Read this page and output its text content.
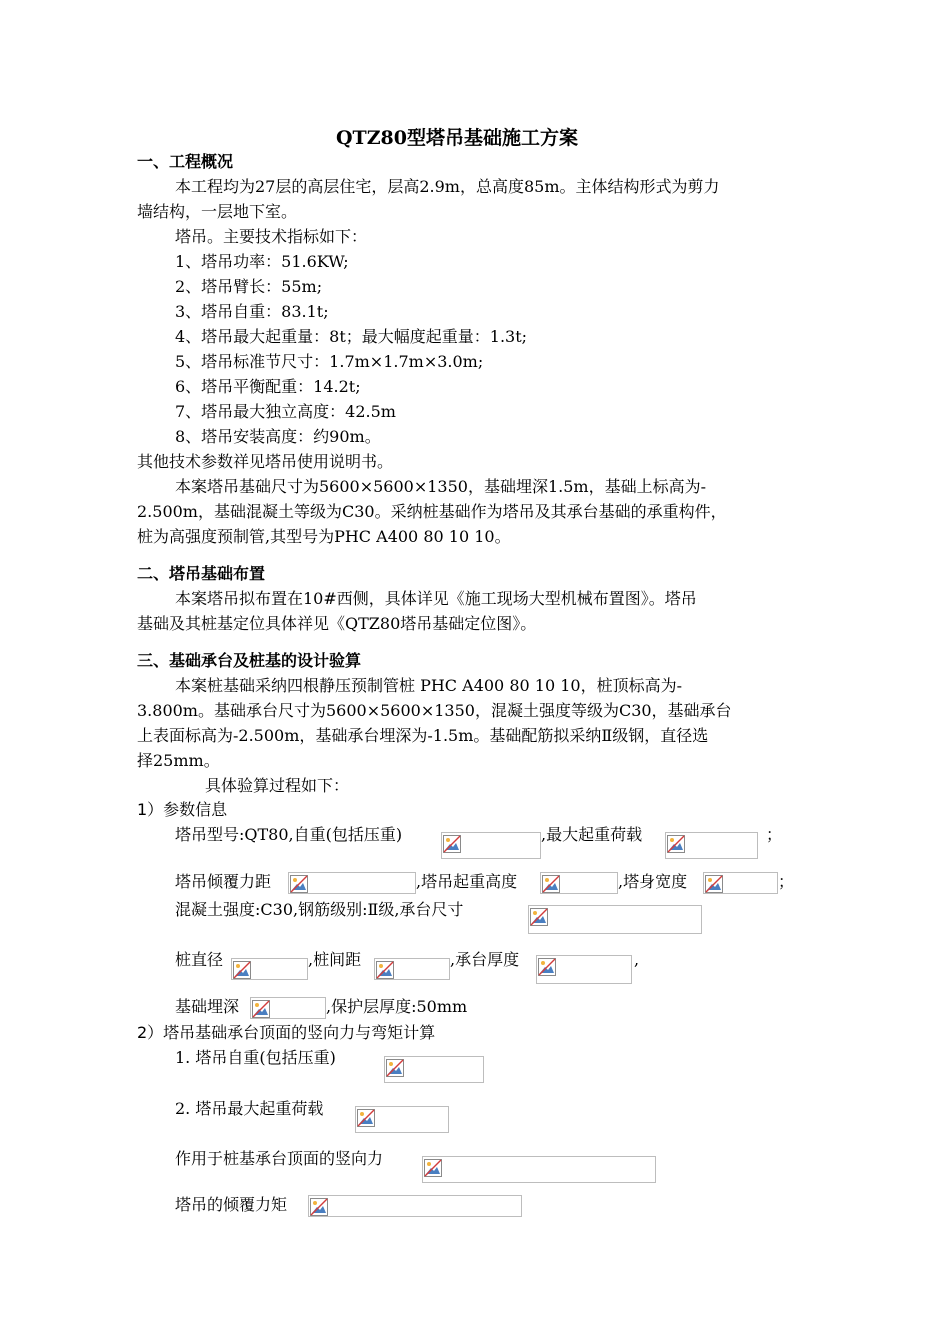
QTZ80型塔吊基础施工方案
一、工程概况
本工程均为27层的高层住宅，层高2.9m，总高度85m。主体结构形式为剪力
墙结构，一层地下室。
塔吊。主要技术指标如下：
1、塔吊功率：51.6KW;
2、塔吊臂长：55m;
3、塔吊自重：83.1t;
4、塔吊最大起重量：8t；最大幅度起重量：1.3t;
5、塔吊标准节尺寸：1.7m×1.7m×3.0m;
6、塔吊平衡配重：14.2t;
7、塔吊最大独立高度：42.5m
8、塔吊安装高度：约90m。
其他技术参数祥见塔吊使用说明书。
本案塔吊基础尺寸为5600×5600×1350，基础埋深1.5m，基础上标高为-
2.500m，基础混凝土等级为C30。采纳桩基础作为塔吊及其承台基础的承重构件，
桩为高强度预制管,其型号为PHC A400 80 10 10。
二、塔吊基础布置
本案塔吊拟布置在10#西侧，具体详见《施工现场大型机械布置图》。塔吊
基础及其桩基定位具体祥见《QTZ80塔吊基础定位图》。
三、基础承台及桩基的设计验算
本案桩基础采纳四根静压预制管桩 PHC A400 80 10 10，桩顶标高为-
3.800m。基础承台尺寸为5600×5600×1350，混凝土强度等级为C30，基础承台
上表面标高为-2.500m，基础承台埋深为-1.5m。基础配筋拟采纳Ⅱ级钢，直径选
择25mm。
具体验算过程如下：
1）参数信息
塔吊型号:QT80,自重(包括压重)	,最大起重荷载	；
塔吊倾覆力距	,塔吊起重高度	,塔身宽度	；
混凝土强度:C30,钢筋级别:Ⅱ级,承台尺寸
桩直径	,桩间距	,承台厚度	,
基础埋深	,保护层厚度:50mm
2）塔吊基础承台顶面的竖向力与弯矩计算
1. 塔吊自重(包括压重)
2. 塔吊最大起重荷载
作用于桩基承台顶面的竖向力
塔吊的倾覆力矩
